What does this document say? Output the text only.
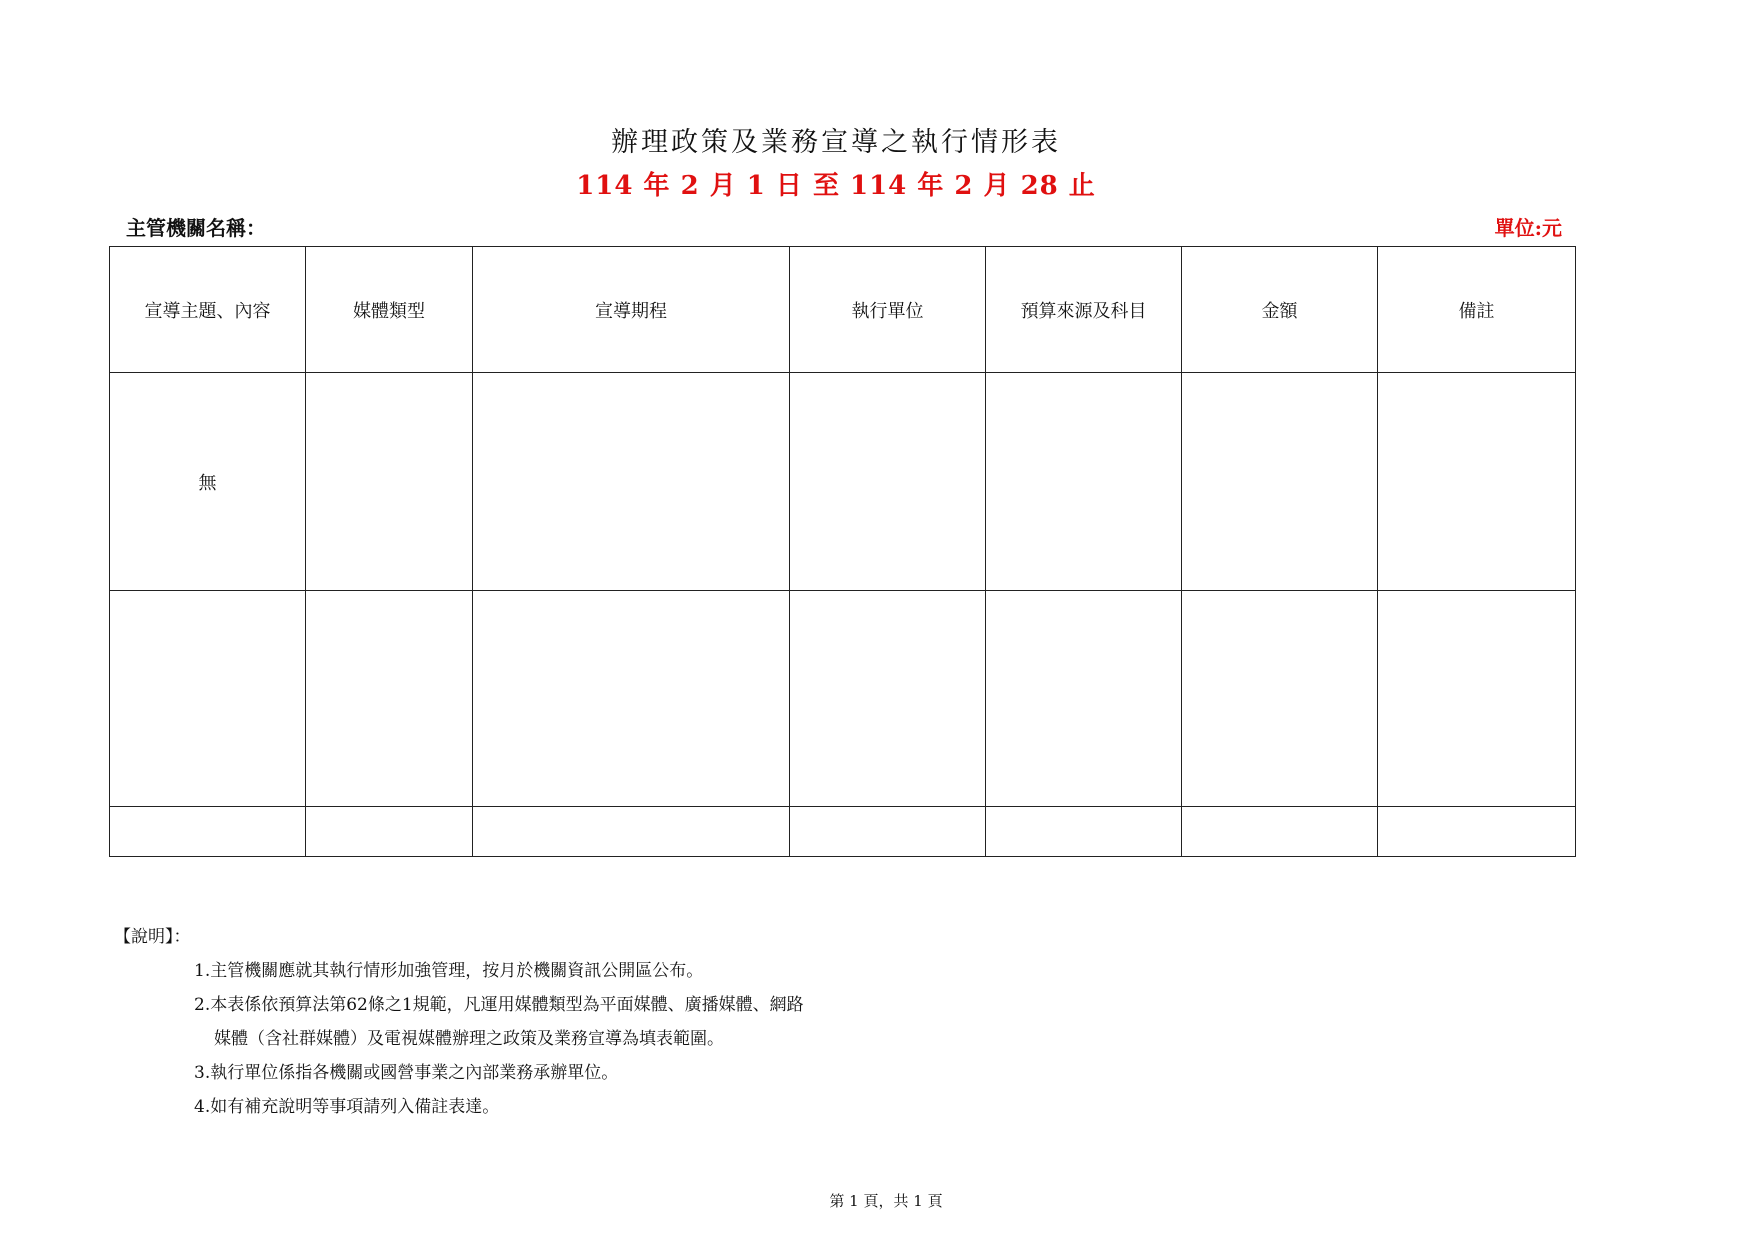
辦理政策及業務宣導之執行情形表
114 年 2 月 1 日 至 114 年 2 月 28 止
主管機關名稱：	單位:元
宣導主題、內容	媒體類型	宣導期程	執行單位	預算來源及科目	金額	備註
無						

【說明】：
1.主管機關應就其執行情形加強管理，按月於機關資訊公開區公布。
2.本表係依預算法第62條之1規範，凡運用媒體類型為平面媒體、廣播媒體、網路
媒體（含社群媒體）及電視媒體辦理之政策及業務宣導為填表範圍。
3.執行單位係指各機關或國營事業之內部業務承辦單位。
4.如有補充說明等事項請列入備註表達。
第 1 頁，共 1 頁
